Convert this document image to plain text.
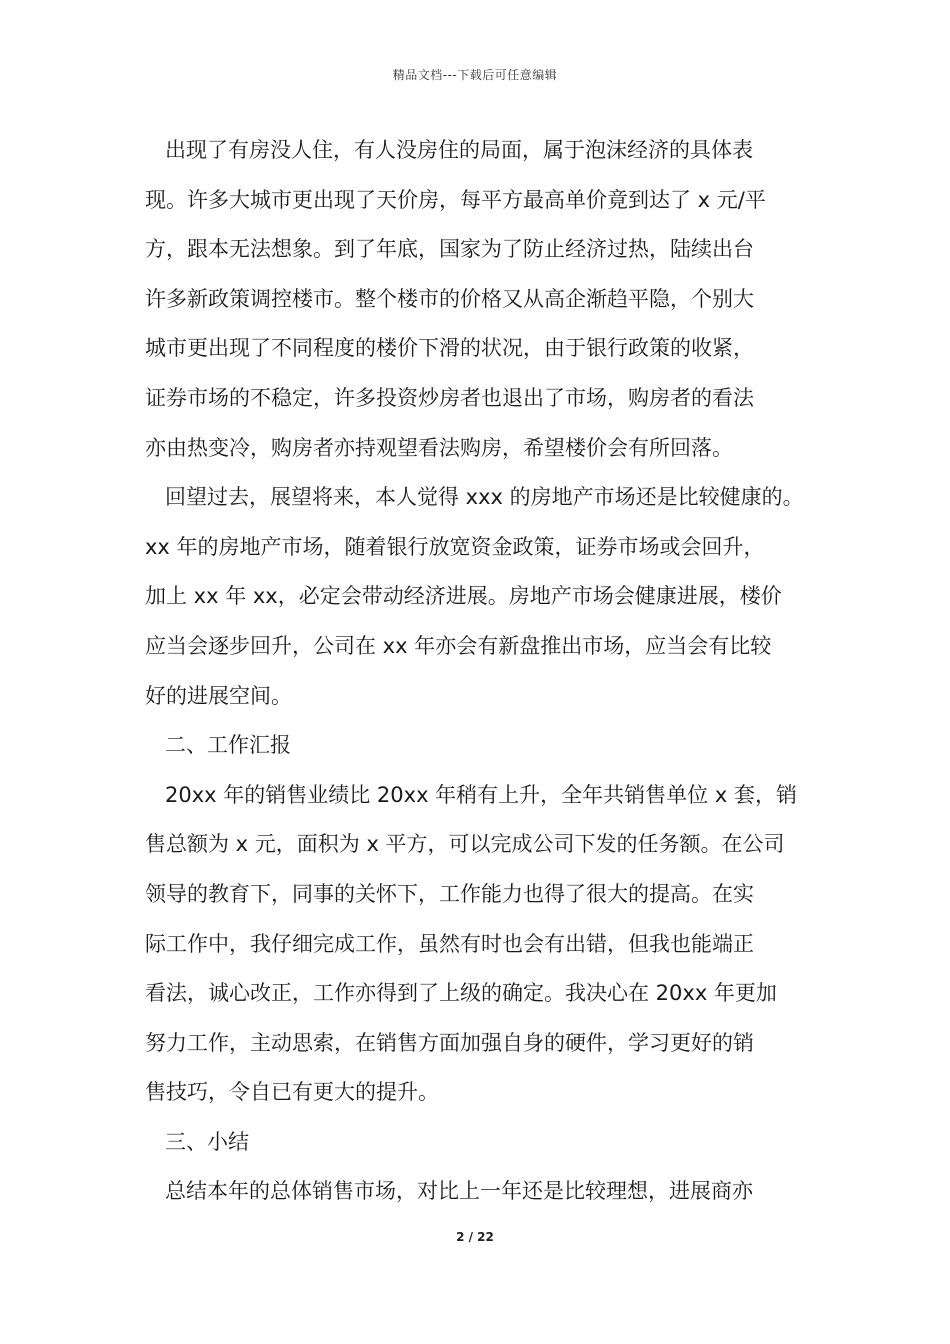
精品文档---下载后可任意编辑
出现了有房没人住，有人没房住的局面，属于泡沫经济的具体表
现。许多大城市更出现了天价房，每平方最高单价竟到达了 x 元/平
方，跟本无法想象。到了年底，国家为了防止经济过热，陆续出台
许多新政策调控楼市。整个楼市的价格又从高企渐趋平隐，个别大
城市更出现了不同程度的楼价下滑的状况，由于银行政策的收紧，
证券市场的不稳定，许多投资炒房者也退出了市场，购房者的看法
亦由热变冷，购房者亦持观望看法购房，希望楼价会有所回落。
回望过去，展望将来，本人觉得 xxx 的房地产市场还是比较健康的。
xx 年的房地产市场，随着银行放宽资金政策，证券市场或会回升，
加上 xx 年 xx，必定会带动经济进展。房地产市场会健康进展，楼价
应当会逐步回升，公司在 xx 年亦会有新盘推出市场，应当会有比较
好的进展空间。
二、工作汇报
20xx 年的销售业绩比 20xx 年稍有上升，全年共销售单位 x 套，销
售总额为 x 元，面积为 x 平方，可以完成公司下发的任务额。在公司
领导的教育下，同事的关怀下，工作能力也得了很大的提高。在实
际工作中，我仔细完成工作，虽然有时也会有出错，但我也能端正
看法，诚心改正，工作亦得到了上级的确定。我决心在 20xx 年更加
努力工作，主动思索，在销售方面加强自身的硬件，学习更好的销
售技巧，令自已有更大的提升。
三、小结
总结本年的总体销售市场，对比上一年还是比较理想，进展商亦
2 / 22
